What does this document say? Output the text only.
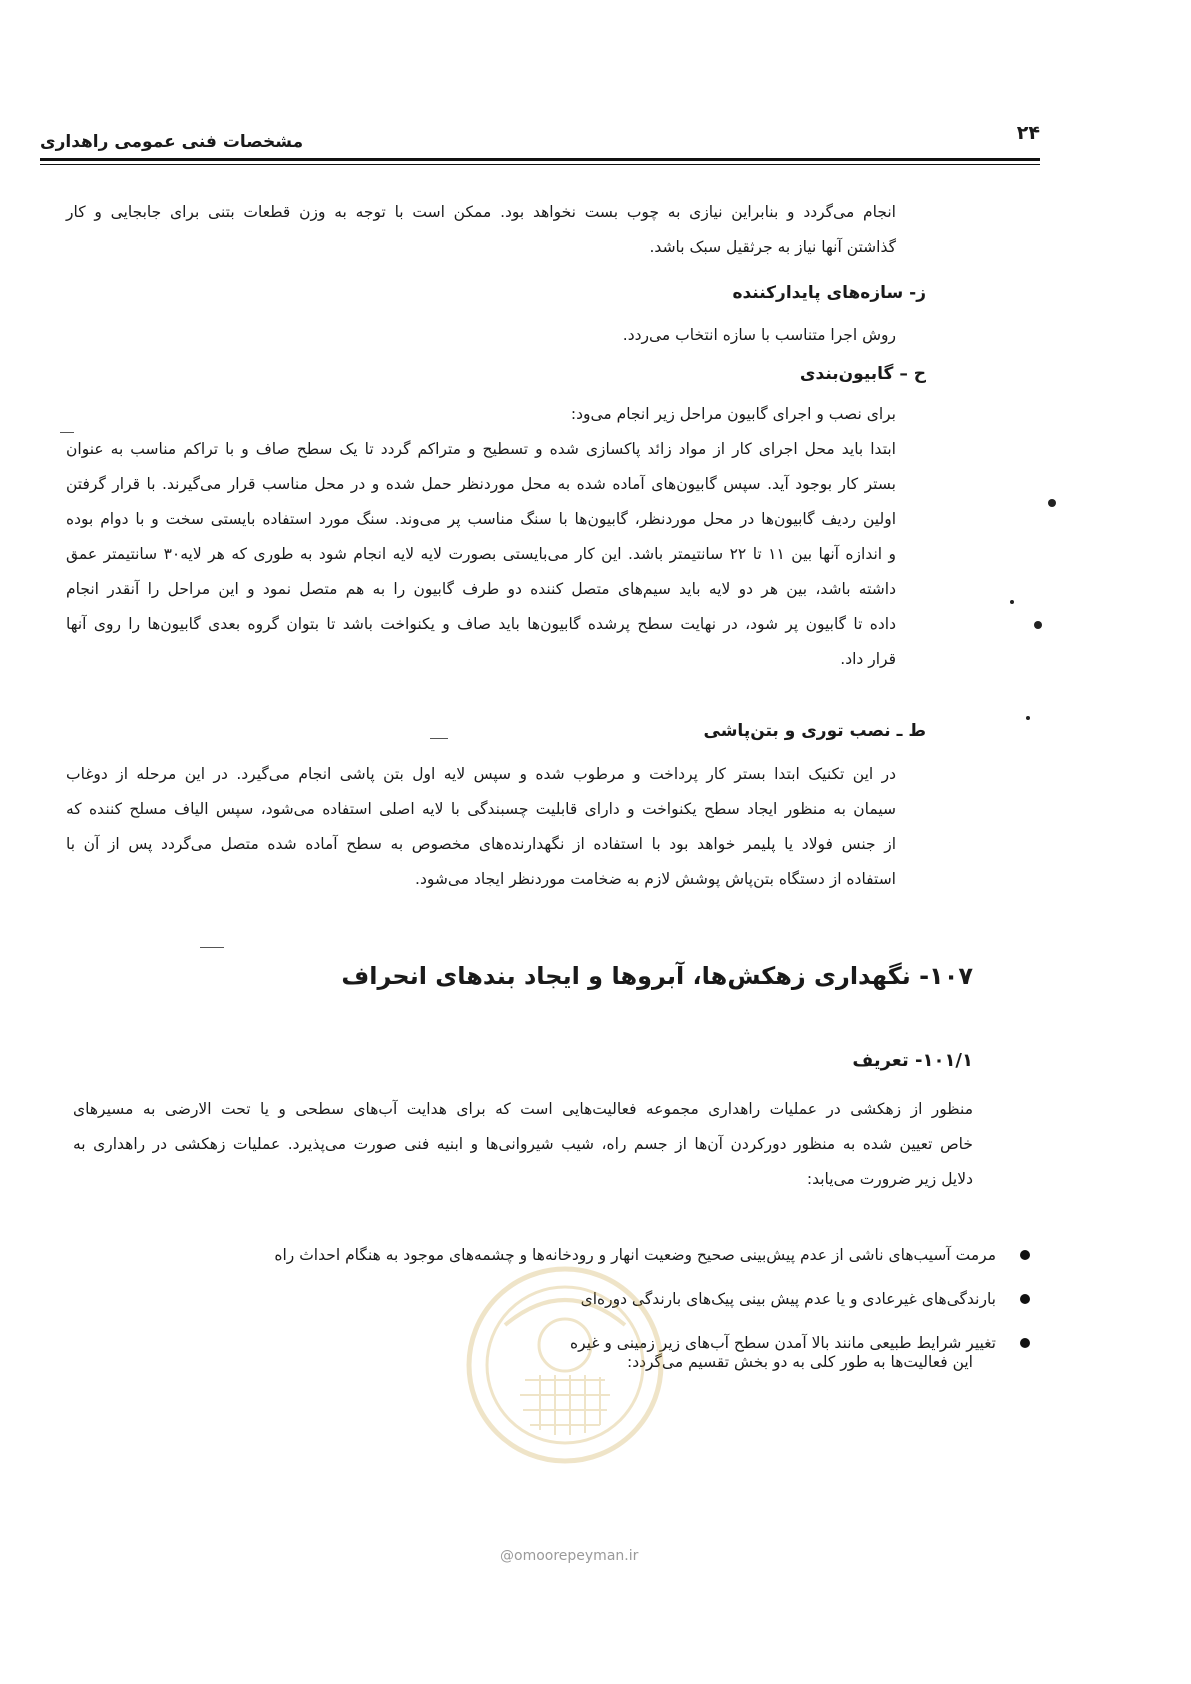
۲۴
مشخصات فنی عمومی راهداری

انجام می‌گردد و بنابراین نیازی به چوب بست نخواهد بود. ممکن است با توجه به وزن قطعات بتنی برای جابجایی و کار

گذاشتن آنها نیاز به جرثقیل سبک باشد.

ز- سازه‌های پایدارکننده
روش اجرا متناسب با سازه انتخاب می‌ردد.
ح – گابیون‌بندی

برای نصب و اجرای گابیون مراحل زیر انجام می‌ود:

ابتدا باید محل اجرای کار از مواد زائد پاکسازی شده و تسطیح و متراکم گردد تا یک سطح صاف و با تراکم مناسب به عنوان

بستر کار بوجود آید. سپس گابیون‌های آماده شده به محل موردنظر حمل شده و در محل مناسب قرار می‌گیرند. با قرار گرفتن

اولین ردیف گابیون‌ها در محل موردنظر، گابیون‌ها با سنگ مناسب پر می‌وند. سنگ مورد استفاده بایستی سخت و با دوام بوده

و اندازه آنها بین ۱۱ تا ۲۲ سانتیمتر باشد. این کار می‌بایستی بصورت لایه لایه انجام شود به طوری که هر لایه۳۰ سانتیمتر عمق

داشته باشد، بین هر دو لایه باید سیم‌های متصل کننده دو طرف گابیون را به هم متصل نمود و این مراحل را آنقدر انجام

داده تا گابیون پر شود، در نهایت سطح پرشده گابیون‌ها باید صاف و یکنواخت باشد تا بتوان گروه بعدی گابیون‌ها را روی آنها

قرار داد.

ط ـ نصب توری و بتن‌پاشی

در این تکنیک ابتدا بستر کار پرداخت و مرطوب شده و سپس لایه اول بتن پاشی انجام می‌گیرد. در این مرحله از دوغاب

سیمان به منظور ایجاد سطح یکنواخت و دارای قابلیت چسبندگی با لایه اصلی استفاده می‌شود، سپس الیاف مسلح کننده که

از جنس فولاد یا پلیمر خواهد بود با استفاده از نگهدارنده‌های مخصوص به سطح آماده شده متصل می‌گردد پس از آن با

استفاده از دستگاه بتن‌پاش پوشش لازم به ضخامت موردنظر ایجاد می‌شود.

۱۰۷- نگهداری زهکش‌ها، آبروها و ایجاد بندهای انحراف
۱۰۱/۱- تعریف

منظور از زهکشی در عملیات راهداری مجموعه فعالیت‌هایی است که برای هدایت آب‌های سطحی و یا تحت الارضی به مسیرهای

خاص تعیین شده به منظور دورکردن آن‌ها از جسم راه، شیب شیروانی‌ها و ابنیه فنی صورت می‌پذیرد. عملیات زهکشی در راهداری به

دلایل زیر ضرورت می‌یابد:

مرمت آسیب‌های ناشی از عدم پیش‌بینی صحیح وضعیت انهار و رودخانه‌ها و چشمه‌های موجود به هنگام احداث راه
بارندگی‌های غیرعادی و یا عدم پیش بینی پیک‌های بارندگی دوره‌ای
تغییر شرایط طبیعی مانند بالا آمدن سطح آب‌های زیر زمینی و غیره
این فعالیت‌ها به طور کلی به دو بخش تقسیم می‌گردد:
@omoorepeyman.ir
